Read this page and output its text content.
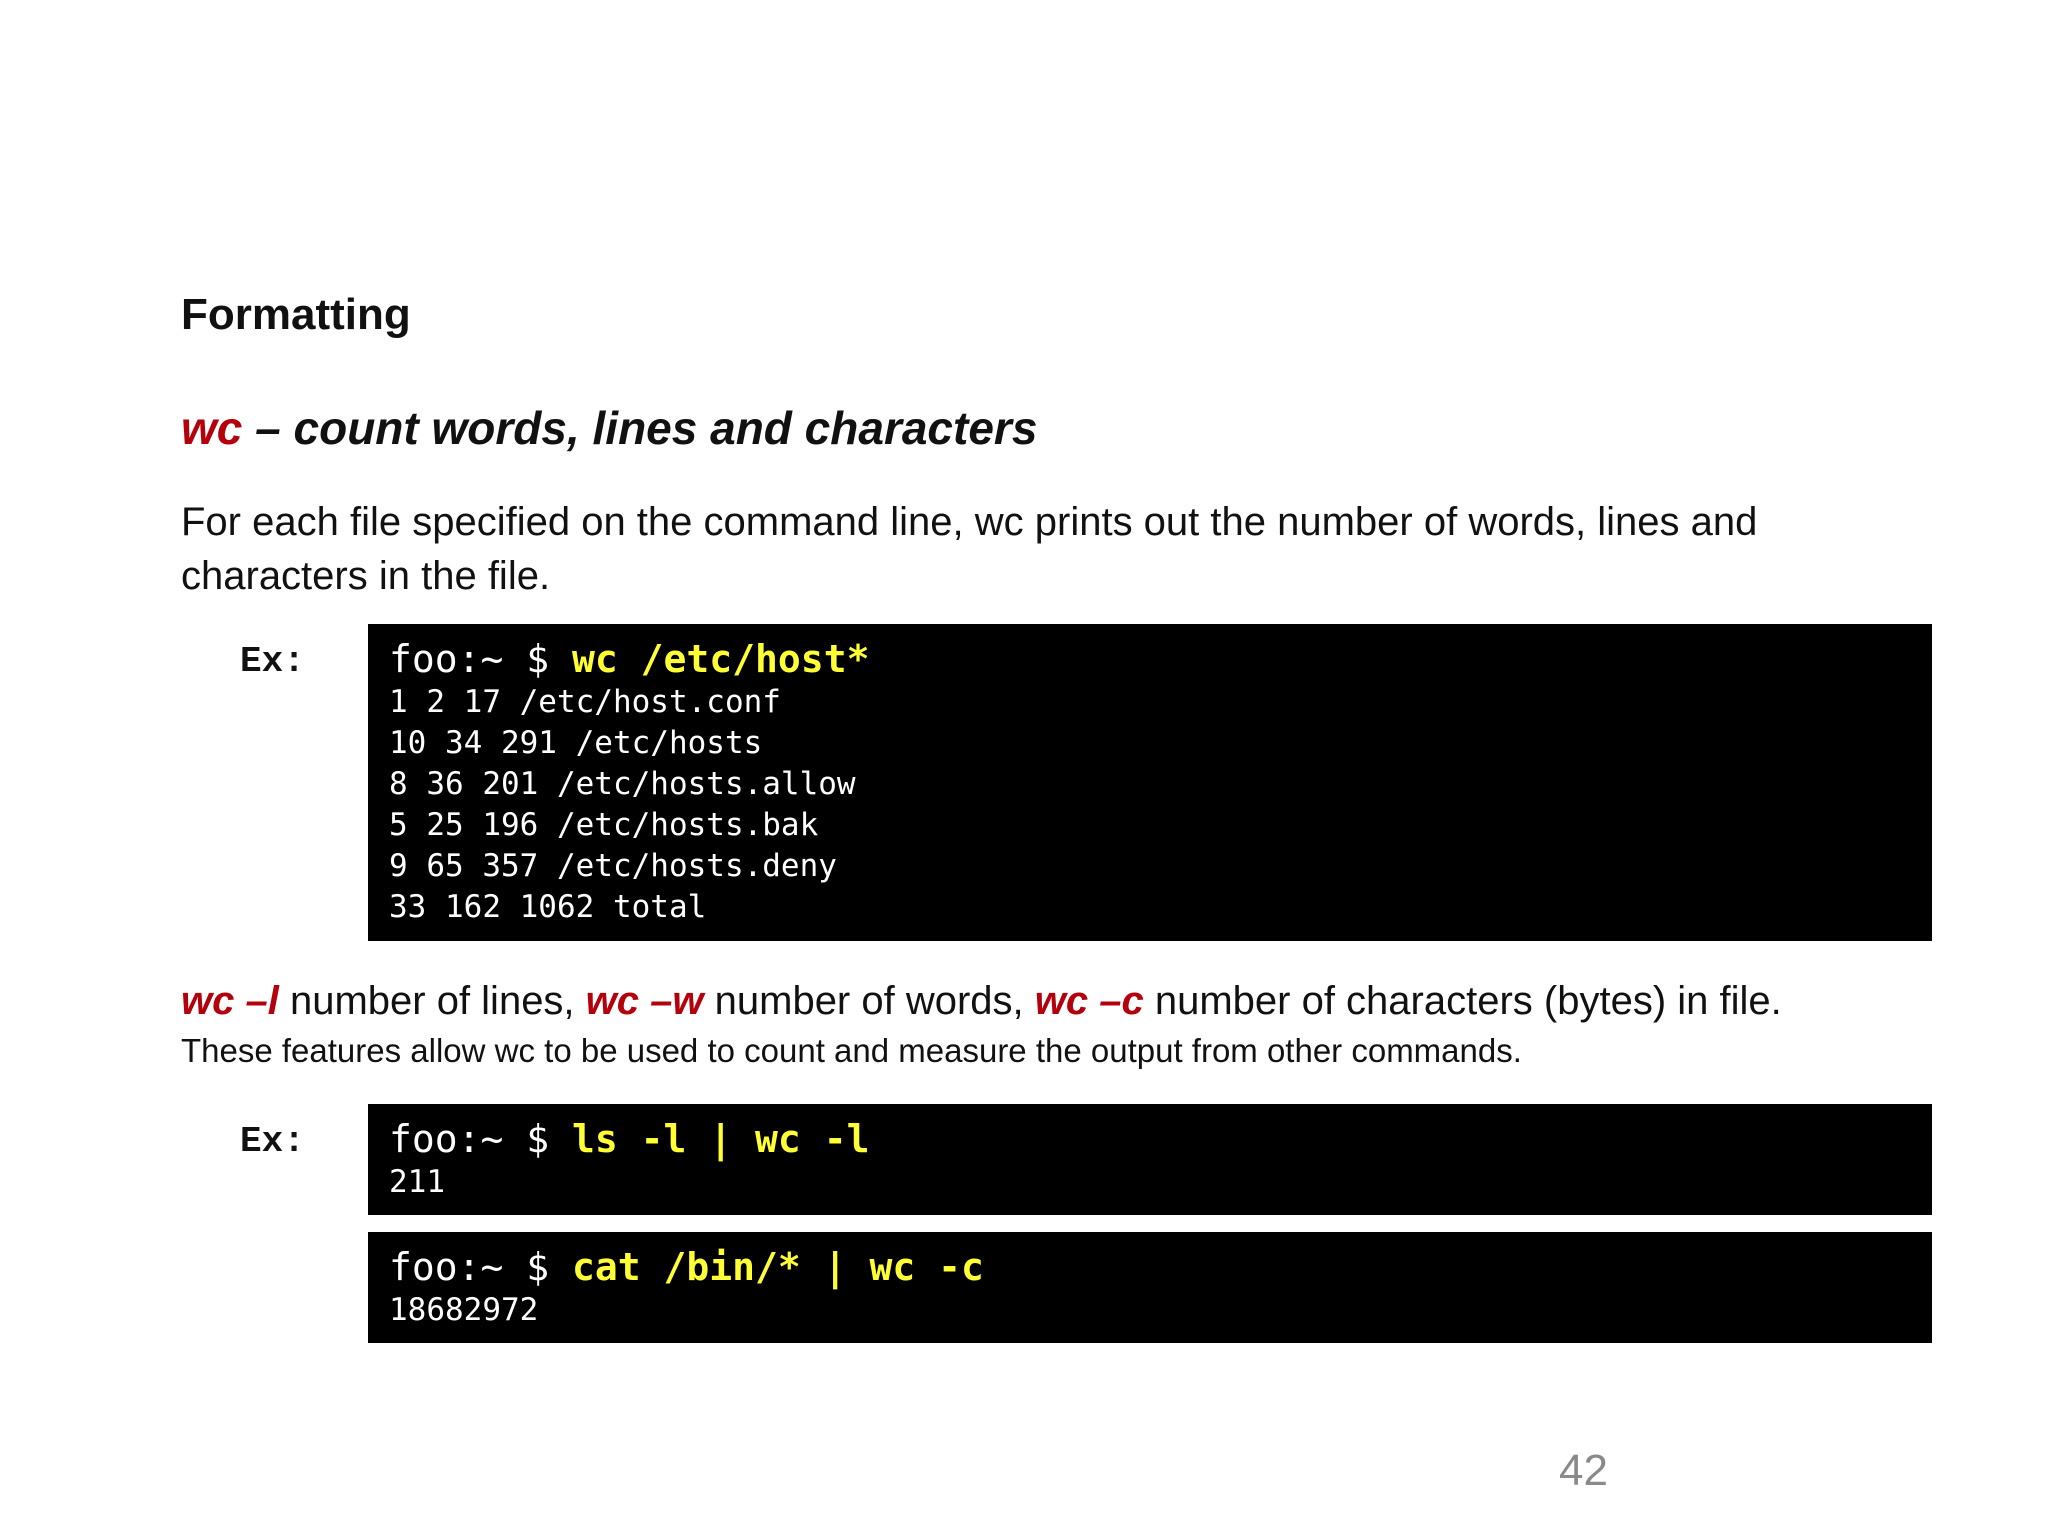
Formatting
wc – count words, lines and characters
For each file specified on the command line, wc prints out the number of words, lines and characters in the file.
Ex: foo:~ $ wc /etc/host*
1 2 17 /etc/host.conf
10 34 291 /etc/hosts
8 36 201 /etc/hosts.allow
5 25 196 /etc/hosts.bak
9 65 357 /etc/hosts.deny
33 162 1062 total
wc –l number of lines, wc –w number of words, wc –c number of characters (bytes) in file.
These features allow wc to be used to count and measure the output from other commands.
Ex: foo:~ $ ls -l | wc -l
211
foo:~ $ cat /bin/* | wc -c
18682972
42
